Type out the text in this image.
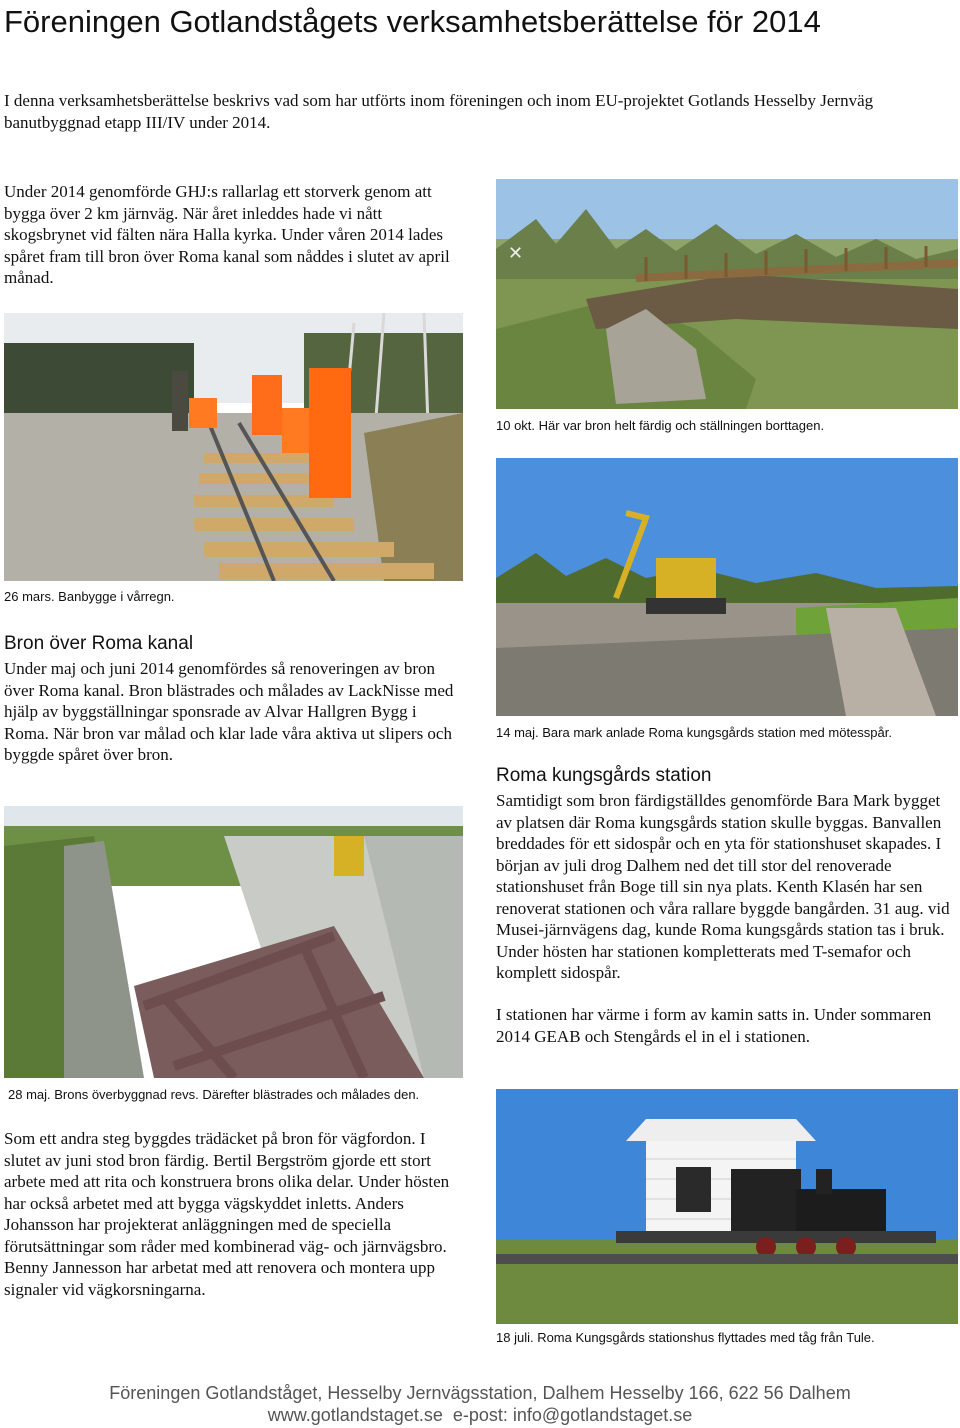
Föreningen Gotlandstågets verksamhetsberättelse för 2014
I denna verksamhetsberättelse beskrivs vad som har utförts inom föreningen och inom EU-projektet Gotlands Hesselby Jernväg banutbyggnad etapp III/IV under 2014.
Under 2014 genomförde GHJ:s rallarlag ett storverk genom att bygga över 2 km järnväg. När året inleddes hade vi nått skogsbrynet vid fälten nära Halla kyrka. Under våren 2014 lades spåret fram till bron över Roma kanal som nåddes i slutet av april månad.
✕
10 okt. Här var bron helt färdig och ställningen borttagen.
26 mars. Banbygge i vårregn.
Bron över Roma kanal
Under maj och juni 2014 genomfördes så renoveringen av bron över Roma kanal. Bron blästrades och målades av LackNisse med hjälp av byggställningar sponsrade av Alvar Hallgren Bygg i Roma. När bron var målad och klar lade våra aktiva ut slipers och byggde spåret över bron.
14 maj. Bara mark anlade Roma kungsgårds station med mötesspår.
Roma kungsgårds station
Samtidigt som bron färdigställdes genomförde Bara Mark bygget av platsen där Roma kungsgårds station skulle byggas. Banvallen breddades för ett sidospår och en yta för stationshuset skapades. I början av juli drog Dalhem ned det till stor del renoverade stationshuset från Boge till sin nya plats. Kenth Klasén har sen renoverat stationen och våra rallare byggde bangården. 31 aug. vid Musei-järnvägens dag, kunde Roma kungsgårds station tas i bruk. Under hösten har stationen kompletterats med T-semafor och komplett sidospår.
I stationen har värme i form av kamin satts in. Under sommaren 2014 GEAB och Stengårds el in el i stationen.
28 maj. Brons överbyggnad revs. Därefter blästrades och målades den.
Som ett andra steg byggdes trädäcket på bron för vägfordon. I slutet av juni stod bron färdig. Bertil Bergström gjorde ett stort arbete med att rita och konstruera brons olika delar. Under hösten har också arbetet med att bygga vägskyddet inletts. Anders Johansson har projekterat anläggningen med de speciella förutsättningar som råder med kombinerad väg- och järnvägsbro. Benny Jannesson har arbetat med att renovera och montera upp signaler vid vägkorsningarna.
18 juli. Roma Kungsgårds stationshus flyttades med tåg från Tule.
Föreningen Gotlandståget, Hesselby Jernvägsstation, Dalhem Hesselby 166, 622 56 Dalhem
www.gotlandstaget.se  e-post: info@gotlandstaget.se
